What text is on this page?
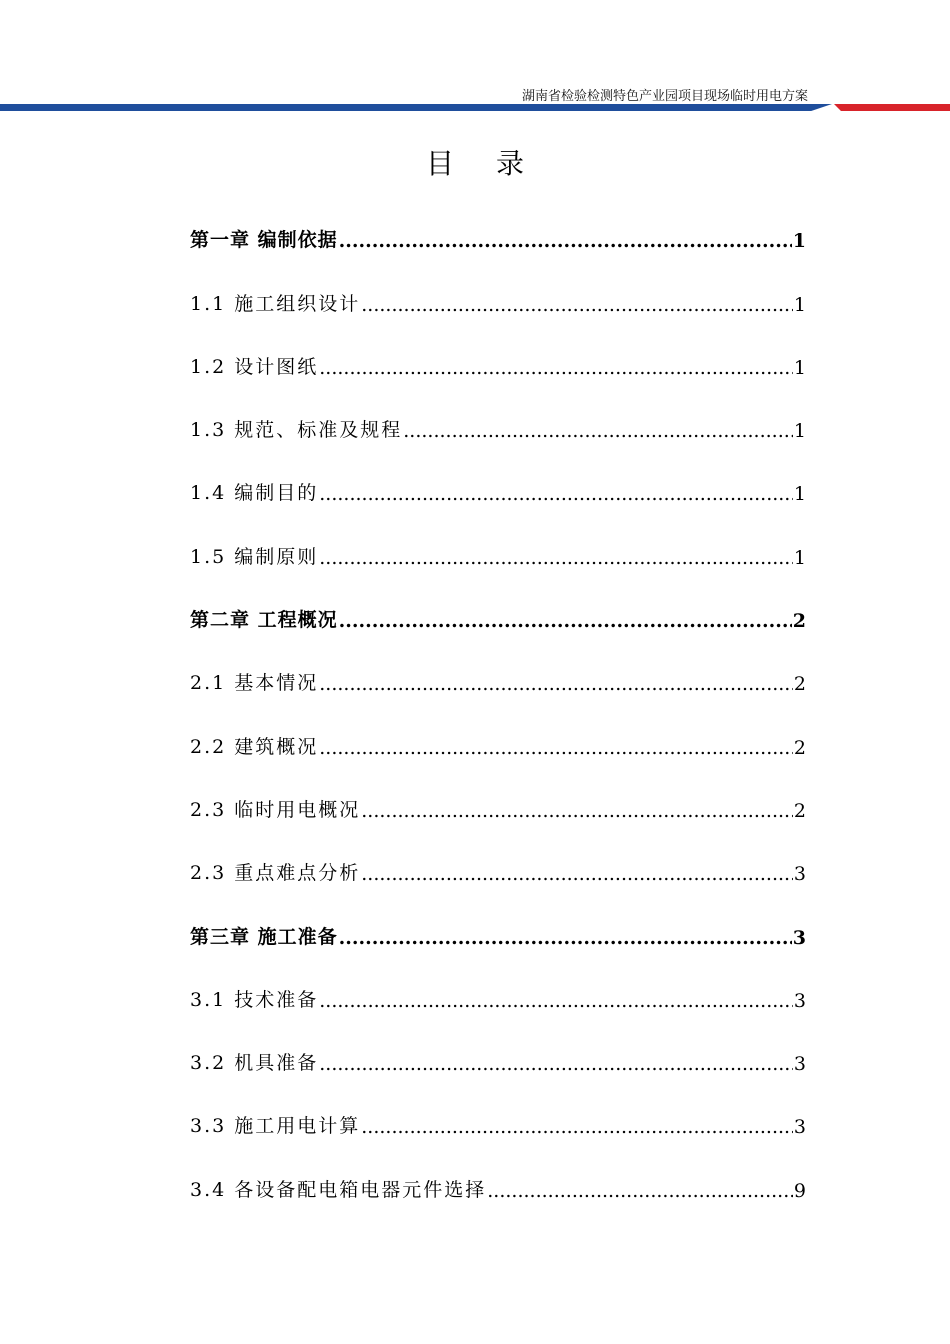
湖南省检验检测特色产业园项目现场临时用电方案
目录
第一章 编制依据 .....	1
1.1 施工组织设计 .....	1
1.2 设计图纸 .....	1
1.3 规范、标准及规程 .....	1
1.4 编制目的 .....	1
1.5 编制原则 .....	1
第二章 工程概况 .....	2
2.1 基本情况 .....	2
2.2 建筑概况 .....	2
2.3 临时用电概况 .....	2
2.3 重点难点分析 .....	3
第三章 施工准备 .....	3
3.1 技术准备 .....	3
3.2 机具准备 .....	3
3.3 施工用电计算 .....	3
3.4 各设备配电箱电器元件选择 .....	9
